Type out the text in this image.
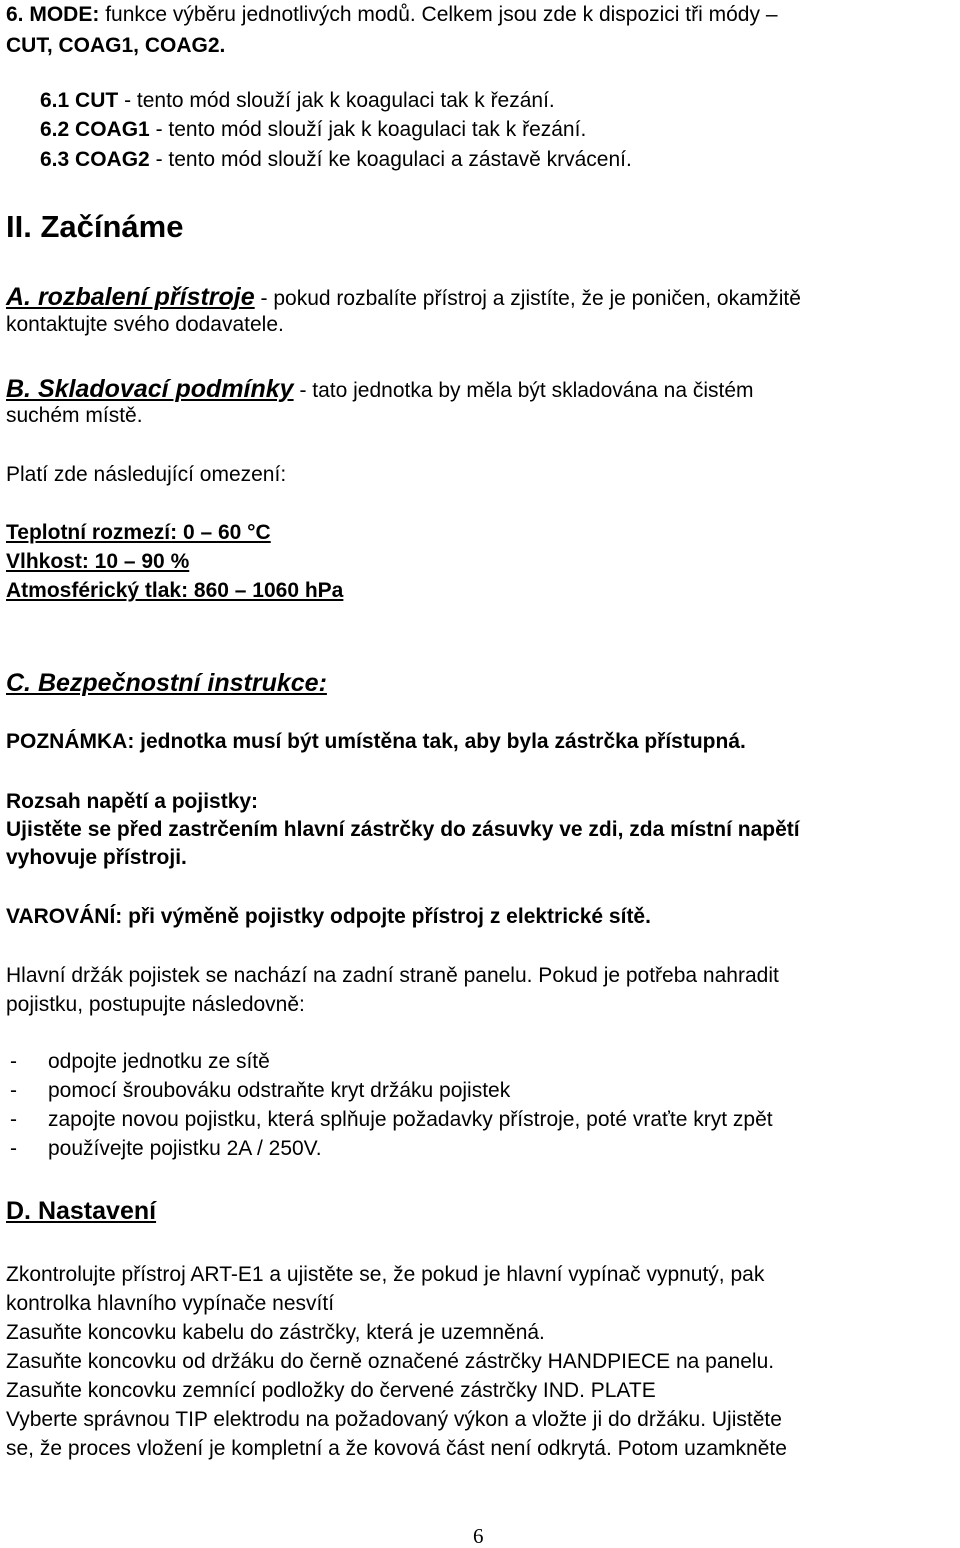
6. MODE: funkce výběru jednotlivých modů. Celkem jsou zde k dispozici tři módy –
CUT, COAG1, COAG2.
6.1 CUT - tento mód slouží jak k koagulaci tak k řezání.
6.2 COAG1 - tento mód slouží jak k koagulaci tak k řezání.
6.3 COAG2 - tento mód slouží ke koagulaci a zástavě krvácení.
II. Začínáme
A. rozbalení přístroje - pokud rozbalíte přístroj a zjistíte, že je poničen, okamžitě
kontaktujte svého dodavatele.
B. Skladovací podmínky - tato jednotka by měla být skladována na čistém
suchém místě.
Platí zde následující omezení:
Teplotní rozmezí: 0 – 60 °C
Vlhkost: 10 – 90 %
Atmosférický tlak: 860 – 1060 hPa
C. Bezpečnostní instrukce:
POZNÁMKA: jednotka musí být umístěna tak, aby byla zástrčka přístupná.
Rozsah napětí a pojistky:
Ujistěte se před zastrčením hlavní zástrčky do zásuvky ve zdi, zda místní napětí
vyhovuje přístroji.
VAROVÁNÍ: při výměně pojistky odpojte přístroj z elektrické sítě.
Hlavní držák pojistek se nachází na zadní straně panelu. Pokud je potřeba nahradit
pojistku, postupujte následovně:
- odpojte jednotku ze sítě
- pomocí šroubováku odstraňte kryt držáku pojistek
- zapojte novou pojistku, která splňuje požadavky přístroje, poté vraťte kryt zpět
- používejte pojistku 2A / 250V.
D. Nastavení
Zkontrolujte přístroj ART-E1 a ujistěte se, že pokud je hlavní vypínač vypnutý, pak
kontrolka hlavního vypínače nesvítí
Zasuňte koncovku kabelu do zástrčky, která je uzemněná.
Zasuňte koncovku od držáku do černě označené zástrčky HANDPIECE na panelu.
Zasuňte koncovku zemnící podložky do červené zástrčky IND. PLATE
Vyberte správnou TIP elektrodu na požadovaný výkon a vložte ji do držáku. Ujistěte
se, že proces vložení je kompletní a že kovová část není odkrytá. Potom uzamkněte
6
